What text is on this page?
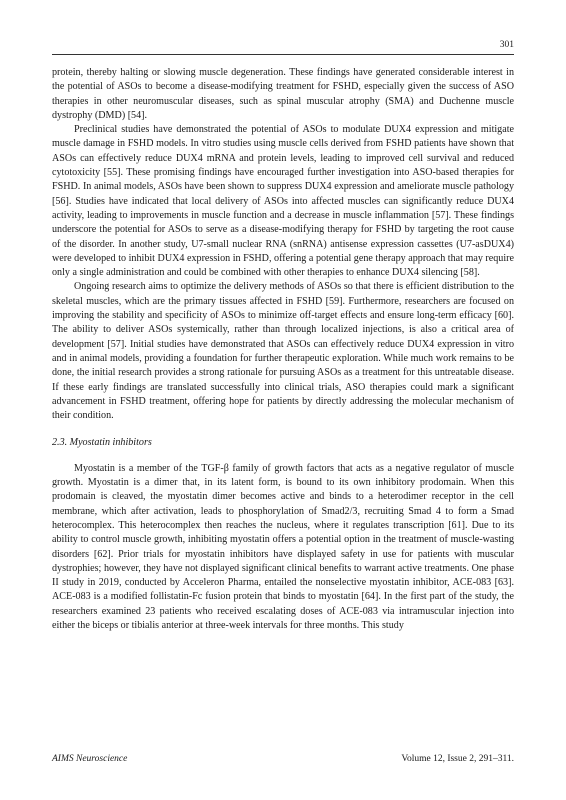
301

protein, thereby halting or slowing muscle degeneration. These findings have generated considerable interest in the potential of ASOs to become a disease-modifying treatment for FSHD, especially given the success of ASO therapies in other neuromuscular diseases, such as spinal muscular atrophy (SMA) and Duchenne muscle dystrophy (DMD) [54].

Preclinical studies have demonstrated the potential of ASOs to modulate DUX4 expression and mitigate muscle damage in FSHD models. In vitro studies using muscle cells derived from FSHD patients have shown that ASOs can effectively reduce DUX4 mRNA and protein levels, leading to improved cell survival and reduced cytotoxicity [55]. These promising findings have encouraged further investigation into ASO-based therapies for FSHD. In animal models, ASOs have been shown to suppress DUX4 expression and ameliorate muscle pathology [56]. Studies have indicated that local delivery of ASOs into affected muscles can significantly reduce DUX4 activity, leading to improvements in muscle function and a decrease in muscle inflammation [57]. These findings underscore the potential for ASOs to serve as a disease-modifying therapy for FSHD by targeting the root cause of the disorder. In another study, U7-small nuclear RNA (snRNA) antisense expression cassettes (U7-asDUX4) were developed to inhibit DUX4 expression in FSHD, offering a potential gene therapy approach that may require only a single administration and could be combined with other therapies to enhance DUX4 silencing [58].

Ongoing research aims to optimize the delivery methods of ASOs so that there is efficient distribution to the skeletal muscles, which are the primary tissues affected in FSHD [59]. Furthermore, researchers are focused on improving the stability and specificity of ASOs to minimize off-target effects and ensure long-term efficacy [60]. The ability to deliver ASOs systemically, rather than through localized injections, is also a critical area of development [57]. Initial studies have demonstrated that ASOs can effectively reduce DUX4 expression in vitro and in animal models, providing a foundation for further therapeutic exploration. While much work remains to be done, the initial research provides a strong rationale for pursuing ASOs as a treatment for this untreatable disease. If these early findings are translated successfully into clinical trials, ASO therapies could mark a significant advancement in FSHD treatment, offering hope for patients by directly addressing the molecular mechanism of their condition.

2.3. Myostatin inhibitors

Myostatin is a member of the TGF-β family of growth factors that acts as a negative regulator of muscle growth. Myostatin is a dimer that, in its latent form, is bound to its own inhibitory prodomain. When this prodomain is cleaved, the myostatin dimer becomes active and binds to a heterodimer receptor in the cell membrane, which after activation, leads to phosphorylation of Smad2/3, recruiting Smad 4 to form a Smad heterocomplex. This heterocomplex then reaches the nucleus, where it regulates transcription [61]. Due to its ability to control muscle growth, inhibiting myostatin offers a potential option in the treatment of muscle-wasting disorders [62]. Prior trials for myostatin inhibitors have displayed safety in use for patients with muscular dystrophies; however, they have not displayed significant clinical benefits to warrant active treatments. One phase II study in 2019, conducted by Acceleron Pharma, entailed the nonselective myostatin inhibitor, ACE-083 [63]. ACE-083 is a modified follistatin-Fc fusion protein that binds to myostatin [64]. In the first part of the study, the researchers examined 23 patients who received escalating doses of ACE-083 via intramuscular injection into either the biceps or tibialis anterior at three-week intervals for three months. This study

AIMS Neuroscience	Volume 12, Issue 2, 291–311.
